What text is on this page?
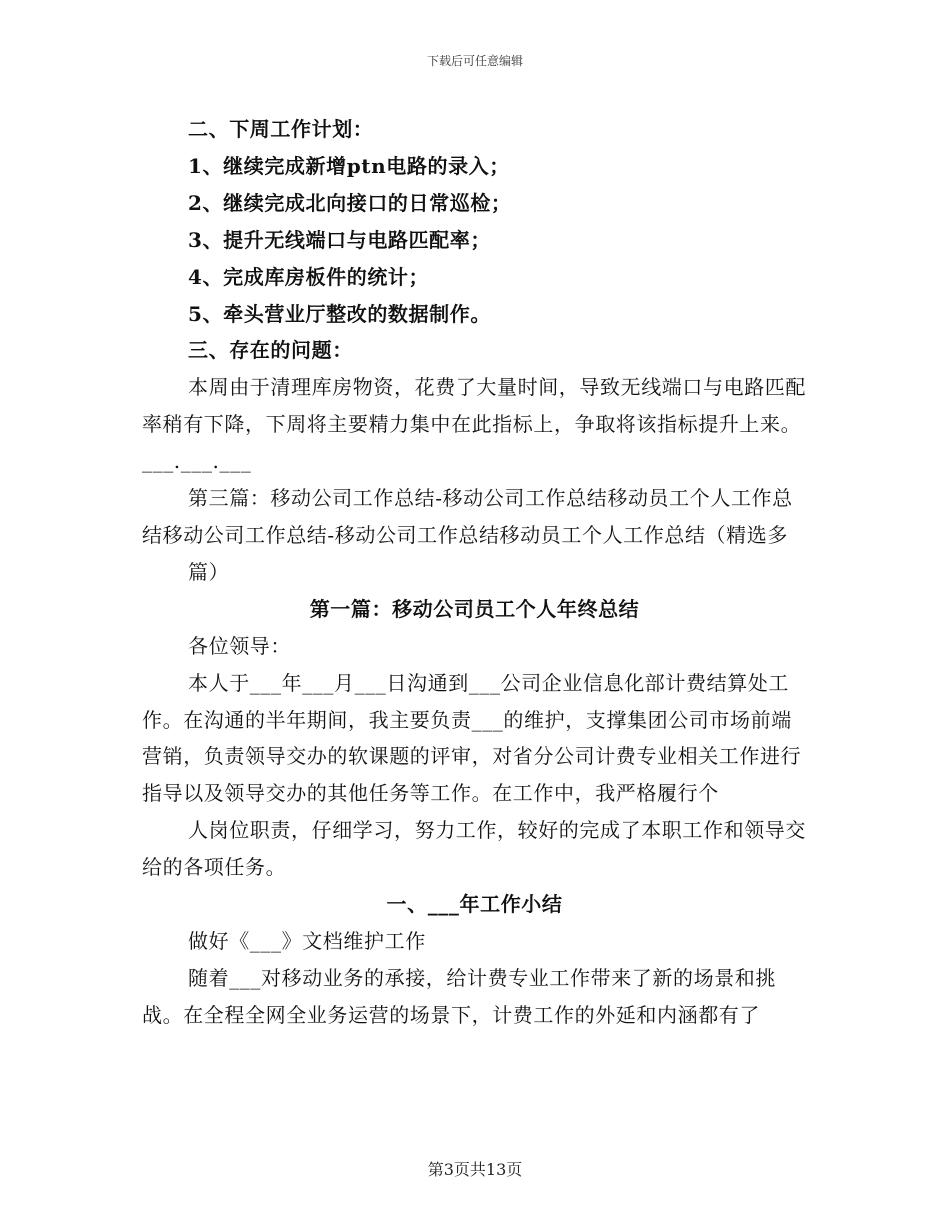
下载后可任意编辑

二、下周工作计划：

1、继续完成新增ptn电路的录入；

2、继续完成北向接口的日常巡检；

3、提升无线端口与电路匹配率；

4、完成库房板件的统计；

5、牵头营业厅整改的数据制作。

三、存在的问题：

本周由于清理库房物资，花费了大量时间，导致无线端口与电路匹配率稍有下降，下周将主要精力集中在此指标上，争取将该指标提升上来。___.___.___

第三篇：移动公司工作总结-移动公司工作总结移动员工个人工作总结移动公司工作总结-移动公司工作总结移动员工个人工作总结（精选多

篇）

第一篇：移动公司员工个人年终总结

各位领导：

本人于___年___月___日沟通到___公司企业信息化部计费结算处工作。在沟通的半年期间，我主要负责___的维护，支撑集团公司市场前端营销，负责领导交办的软课题的评审，对省分公司计费专业相关工作进行指导以及领导交办的其他任务等工作。在工作中，我严格履行个

人岗位职责，仔细学习，努力工作，较好的完成了本职工作和领导交给的各项任务。

一、___年工作小结

做好《___》文档维护工作

随着___对移动业务的承接，给计费专业工作带来了新的场景和挑战。在全程全网全业务运营的场景下，计费工作的外延和内涵都有了

第3页共13页
